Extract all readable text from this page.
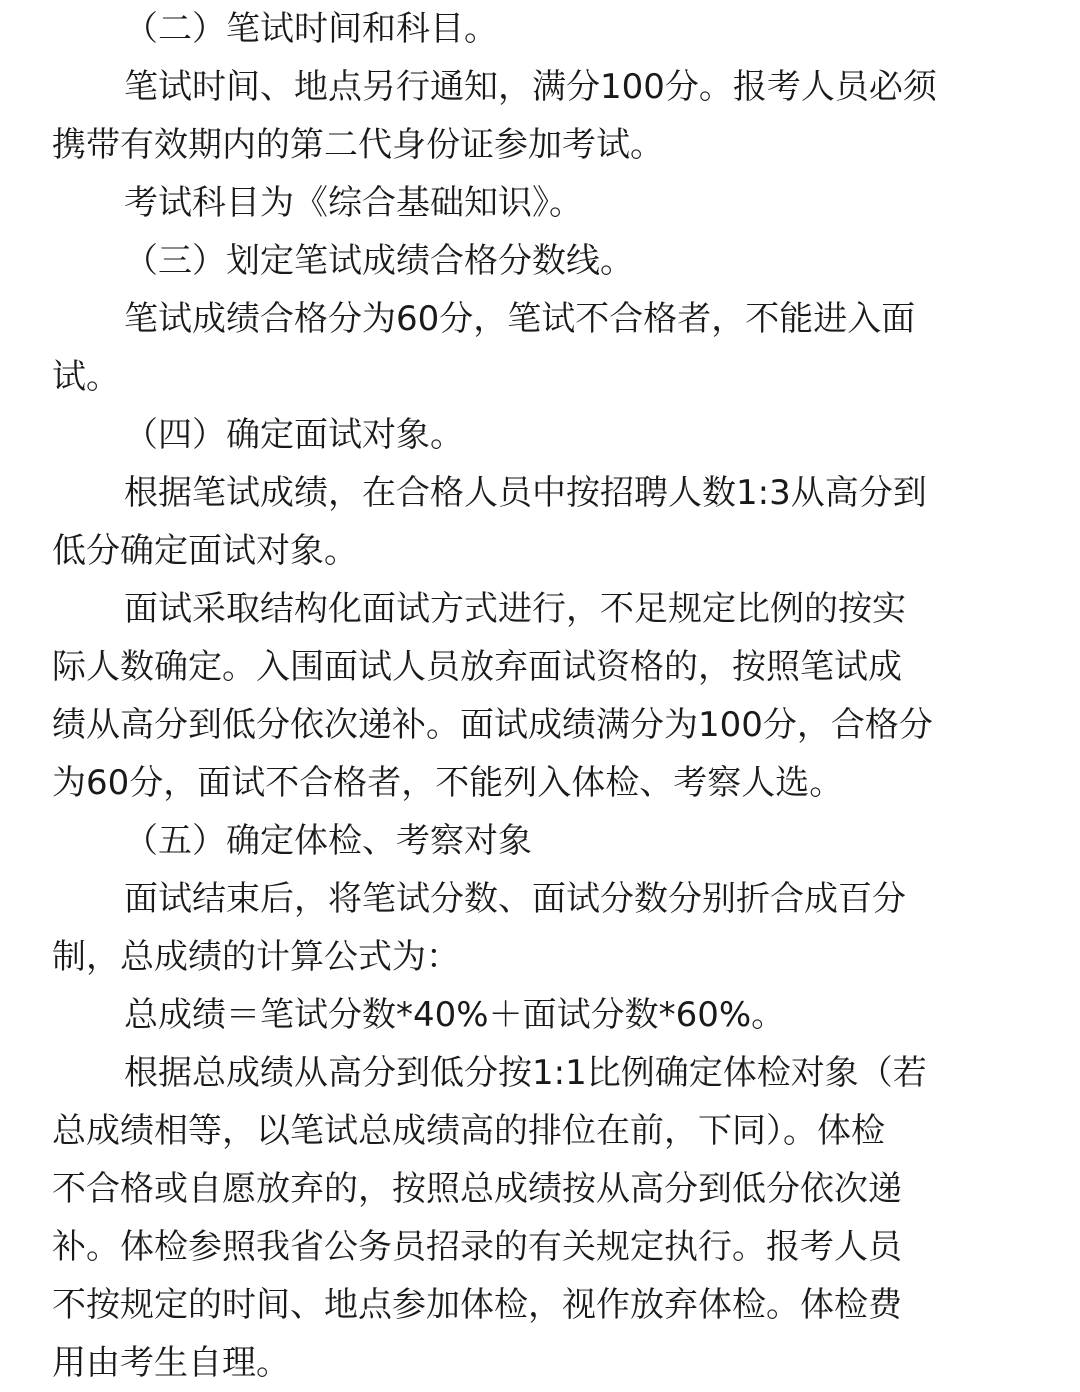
（二）笔试时间和科目。
笔试时间、地点另行通知，满分100分。报考人员必须
携带有效期内的第二代身份证参加考试。
考试科目为《综合基础知识》。
（三）划定笔试成绩合格分数线。
笔试成绩合格分为60分，笔试不合格者，不能进入面
试。
（四）确定面试对象。
根据笔试成绩，在合格人员中按招聘人数1:3从高分到
低分确定面试对象。
面试采取结构化面试方式进行，不足规定比例的按实
际人数确定。入围面试人员放弃面试资格的，按照笔试成
绩从高分到低分依次递补。面试成绩满分为100分，合格分
为60分，面试不合格者，不能列入体检、考察人选。
（五）确定体检、考察对象
面试结束后，将笔试分数、面试分数分别折合成百分
制，总成绩的计算公式为：
总成绩＝笔试分数*40%＋面试分数*60%。
根据总成绩从高分到低分按1:1比例确定体检对象（若
总成绩相等，以笔试总成绩高的排位在前，下同）。体检
不合格或自愿放弃的，按照总成绩按从高分到低分依次递
补。体检参照我省公务员招录的有关规定执行。报考人员
不按规定的时间、地点参加体检，视作放弃体检。体检费
用由考生自理。
